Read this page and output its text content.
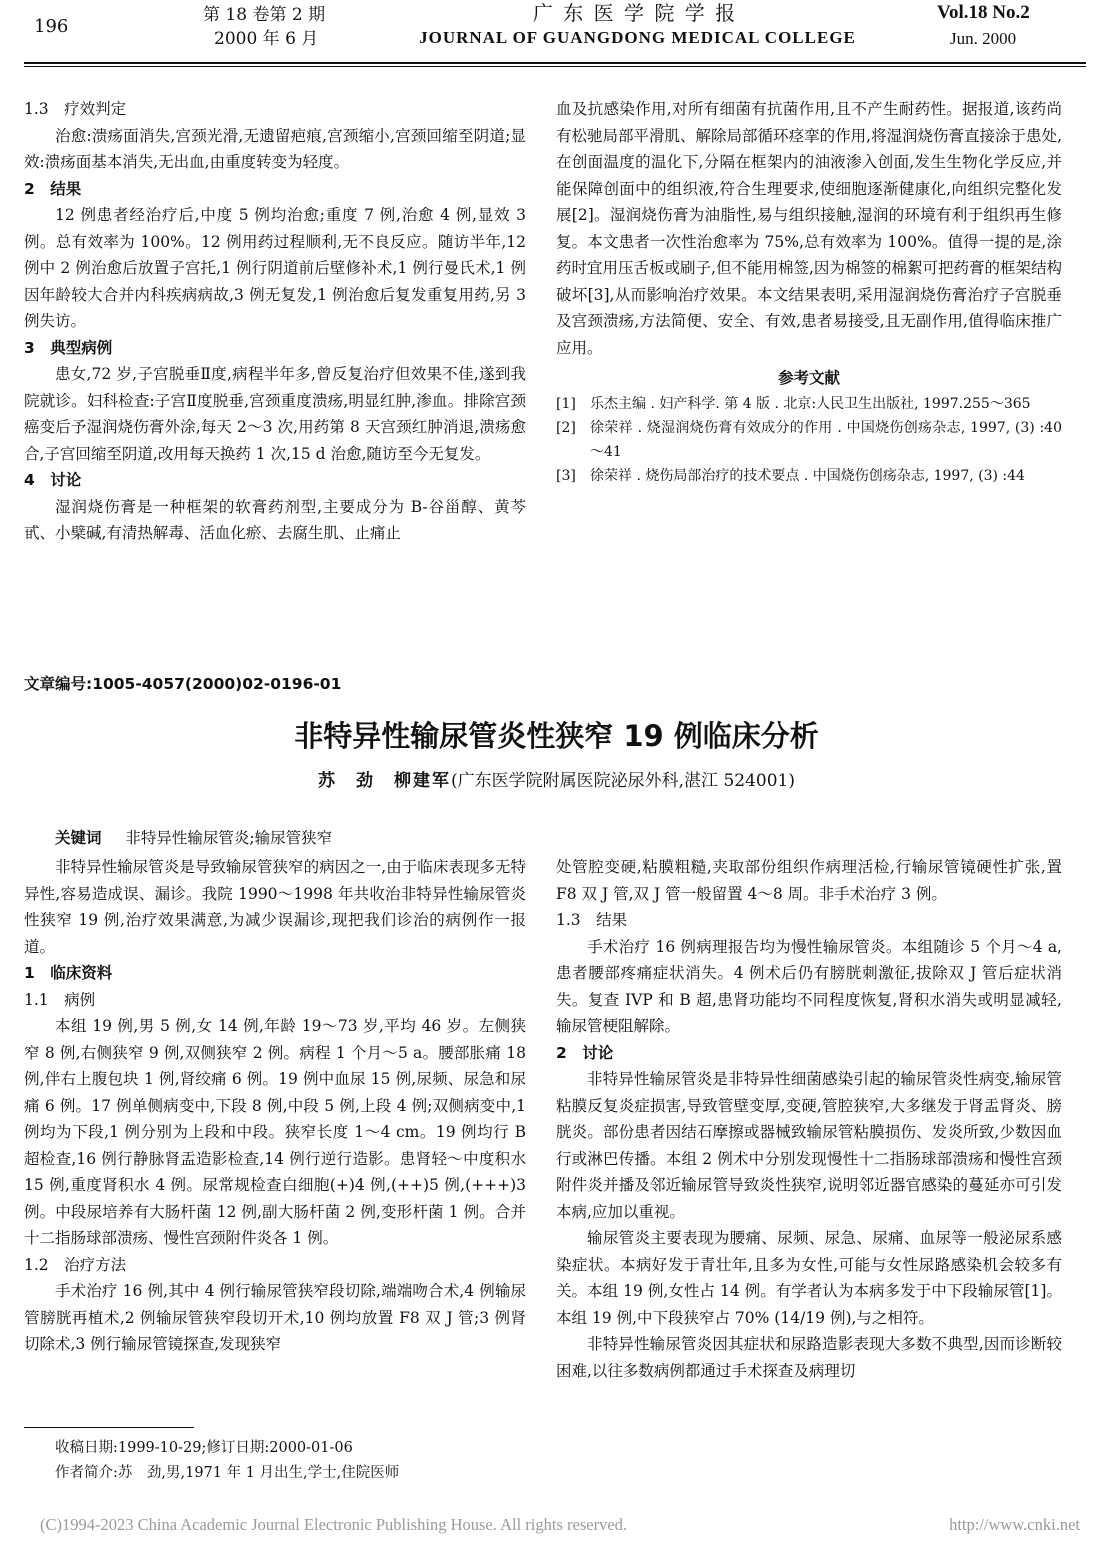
196
第 18 卷第 2 期
2000 年 6 月
广 东 医 学 院 学 报
JOURNAL OF GUANGDONG MEDICAL COLLEGE
Vol.18 No.2
Jun. 2000

1.3　疗效判定

治愈:溃疡面消失,宫颈光滑,无遗留疤痕,宫颈缩小,宫颈回缩至阴道;显效:溃疡面基本消失,无出血,由重度转变为轻度。

2　结果

12 例患者经治疗后,中度 5 例均治愈;重度 7 例,治愈 4 例,显效 3 例。总有效率为 100%。12 例用药过程顺利,无不良反应。随访半年,12 例中 2 例治愈后放置子宫托,1 例行阴道前后壁修补术,1 例行曼氏术,1 例因年龄较大合并内科疾病病故,3 例无复发,1 例治愈后复发重复用药,另 3 例失访。

3　典型病例

患女,72 岁,子宫脱垂Ⅱ度,病程半年多,曾反复治疗但效果不佳,遂到我院就诊。妇科检查:子宫Ⅱ度脱垂,宫颈重度溃疡,明显红肿,渗血。排除宫颈癌变后予湿润烧伤膏外涂,每天 2～3 次,用药第 8 天宫颈红肿消退,溃疡愈合,子宫回缩至阴道,改用每天换药 1 次,15 d 治愈,随访至今无复发。

4　讨论

湿润烧伤膏是一种框架的软膏药剂型,主要成分为 B-谷甾醇、黄芩甙、小檗碱,有清热解毒、活血化瘀、去腐生肌、止痛止

血及抗感染作用,对所有细菌有抗菌作用,且不产生耐药性。据报道,该药尚有松驰局部平滑肌、解除局部循环痉挛的作用,将湿润烧伤膏直接涂于患处,在创面温度的温化下,分隔在框架内的油液渗入创面,发生生物化学反应,并能保障创面中的组织液,符合生理要求,使细胞逐渐健康化,向组织完整化发展[2]。湿润烧伤膏为油脂性,易与组织接触,湿润的环境有利于组织再生修复。本文患者一次性治愈率为 75%,总有效率为 100%。值得一提的是,涂药时宜用压舌板或刷子,但不能用棉签,因为棉签的棉絮可把药膏的框架结构破坏[3],从而影响治疗效果。本文结果表明,采用湿润烧伤膏治疗子宫脱垂及宫颈溃疡,方法简便、安全、有效,患者易接受,且无副作用,值得临床推广应用。

参考文献

[1] 乐杰主编 . 妇产科学. 第 4 版 . 北京:人民卫生出版社, 1997.255～365

[2] 徐荣祥 . 烧湿润烧伤膏有效成分的作用 . 中国烧伤创疡杂志, 1997, (3) :40～41

[3] 徐荣祥 . 烧伤局部治疗的技术要点 . 中国烧伤创疡杂志, 1997, (3) :44

文章编号:1005-4057(2000)02-0196-01
非特异性输尿管炎性狭窄 19 例临床分析
苏　劲　柳建军(广东医学院附属医院泌尿外科,湛江 524001)
关键词 非特异性输尿管炎;输尿管狭窄

非特异性输尿管炎是导致输尿管狭窄的病因之一,由于临床表现多无特异性,容易造成误、漏诊。我院 1990～1998 年共收治非特异性输尿管炎性狭窄 19 例,治疗效果满意,为减少误漏诊,现把我们诊治的病例作一报道。

1　临床资料

1.1　病例

本组 19 例,男 5 例,女 14 例,年龄 19～73 岁,平均 46 岁。左侧狭窄 8 例,右侧狭窄 9 例,双侧狭窄 2 例。病程 1 个月～5 a。腰部胀痛 18 例,伴右上腹包块 1 例,肾绞痛 6 例。19 例中血尿 15 例,尿频、尿急和尿痛 6 例。17 例单侧病变中,下段 8 例,中段 5 例,上段 4 例;双侧病变中,1 例均为下段,1 例分别为上段和中段。狭窄长度 1～4 cm。19 例均行 B 超检查,16 例行静脉肾盂造影检查,14 例行逆行造影。患肾轻～中度积水 15 例,重度肾积水 4 例。尿常规检查白细胞(+)4 例,(++)5 例,(+++)3 例。中段尿培养有大肠杆菌 12 例,副大肠杆菌 2 例,变形杆菌 1 例。合并十二指肠球部溃疡、慢性宫颈附件炎各 1 例。

1.2　治疗方法

手术治疗 16 例,其中 4 例行输尿管狭窄段切除,端端吻合术,4 例输尿管膀胱再植术,2 例输尿管狭窄段切开术,10 例均放置 F8 双 J 管;3 例肾切除术,3 例行输尿管镜探查,发现狭窄

收稿日期:1999-10-29;修订日期:2000-01-06
作者简介:苏　劲,男,1971 年 1 月出生,学士,住院医师

处管腔变硬,粘膜粗糙,夹取部份组织作病理活检,行输尿管镜硬性扩张,置 F8 双 J 管,双 J 管一般留置 4～8 周。非手术治疗 3 例。

1.3　结果

手术治疗 16 例病理报告均为慢性输尿管炎。本组随诊 5 个月～4 a,患者腰部疼痛症状消失。4 例术后仍有膀胱刺激征,拔除双 J 管后症状消失。复查 IVP 和 B 超,患肾功能均不同程度恢复,肾积水消失或明显减轻,输尿管梗阻解除。

2　讨论

非特异性输尿管炎是非特异性细菌感染引起的输尿管炎性病变,输尿管粘膜反复炎症损害,导致管壁变厚,变硬,管腔狭窄,大多继发于肾盂肾炎、膀胱炎。部份患者因结石摩擦或器械致输尿管粘膜损伤、发炎所致,少数因血行或淋巴传播。本组 2 例术中分别发现慢性十二指肠球部溃疡和慢性宫颈附件炎并播及邻近输尿管导致炎性狭窄,说明邻近器官感染的蔓延亦可引发本病,应加以重视。

输尿管炎主要表现为腰痛、尿频、尿急、尿痛、血尿等一般泌尿系感染症状。本病好发于青壮年,且多为女性,可能与女性尿路感染机会较多有关。本组 19 例,女性占 14 例。有学者认为本病多发于中下段输尿管[1]。本组 19 例,中下段狭窄占 70% (14/19 例),与之相符。

非特异性输尿管炎因其症状和尿路造影表现大多数不典型,因而诊断较困难,以往多数病例都通过手术探查及病理切

(C)1994-2023 China Academic Journal Electronic Publishing House. All rights reserved.	http://www.cnki.net
